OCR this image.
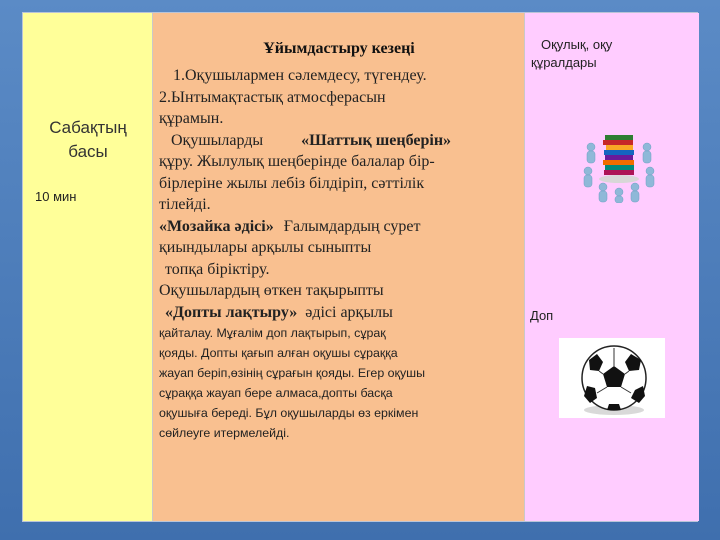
Сабақтың
басы
10 мин
Ұйымдастыру кезеңі
1.Оқушылармен сәлемдесу, түгендеу.
2.Ынтымақтастық атмосферасын
құрамын.
Оқушыларды «Шаттық шеңберін»
құру. Жылулық шеңберінде балалар бір-
бірлеріне жылы лебіз білдіріп, сәттілік
тілейді.
«Мозайка әдісі» Ғалымдардың сурет
қиындылары арқылы сыныпты
топқа біріктіру.
Оқушылардың өткен тақырыпты
«Допты лақтыру» әдісі арқылы
қайталау. Мұғалім доп лақтырып, сұрақ
қояды. Допты қағып алған оқушы сұраққа
жауап беріп,өзінің сұрағын қояды. Егер оқушы
сұраққа жауап бере алмаса,допты басқа
оқушыға береді. Бұл оқушыларды өз еркімен
сөйлеуге итермелейді.
Оқулық, оқу
құралдары
Доп
